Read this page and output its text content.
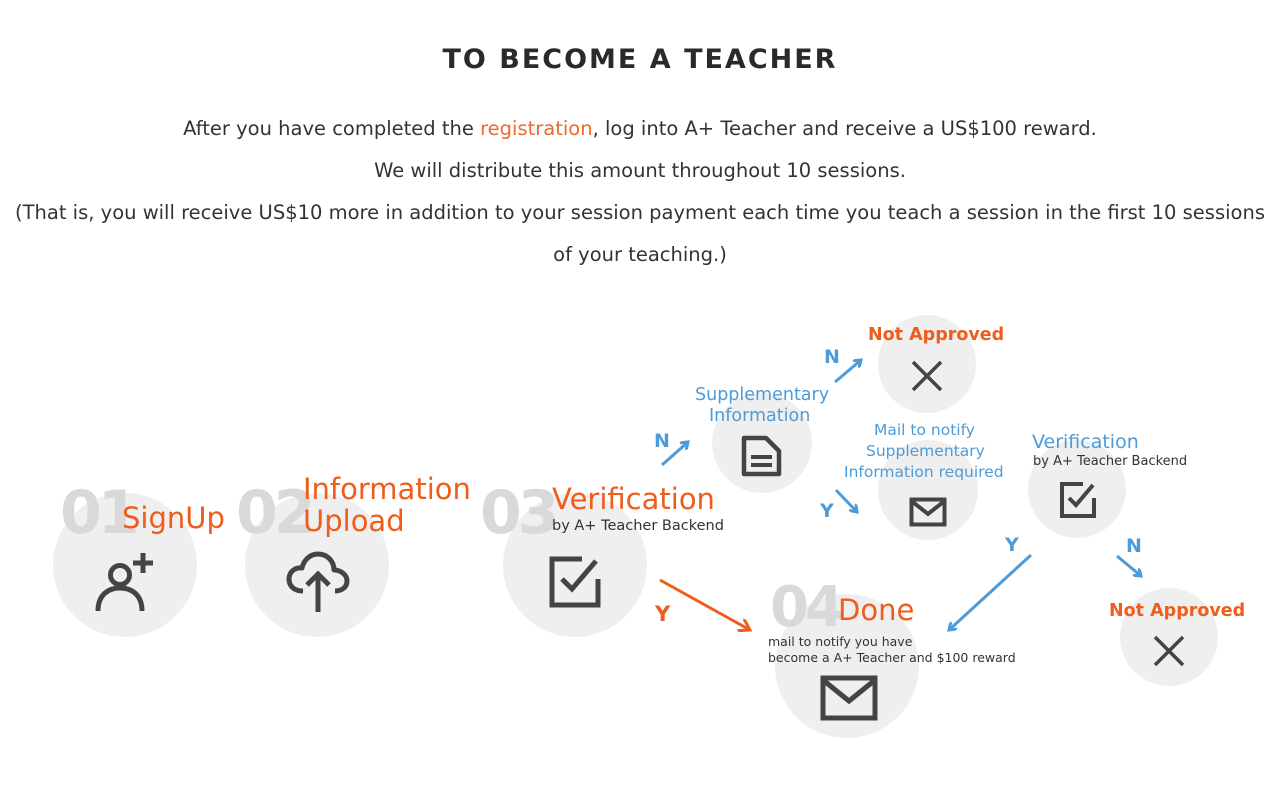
TO BECOME A TEACHER
After you have completed the registration, log into A+ Teacher and receive a US$100 reward.
We will distribute this amount throughout 10 sessions.
(That is, you will receive US$10 more in addition to your session payment each time you teach a session in the first 10 sessions
of your teaching.)
01
SignUp 02
Information
Upload 03
Verification
by A+ Teacher Backend
04
Done
mail to notify you have
become a A+ Teacher and $100 reward
Supplementary
Information
Not Approved
Mail to notify
Supplementary
Information required
Verification
by A+ Teacher Backend
Not Approved
N
N
Y
Y
Y	N
